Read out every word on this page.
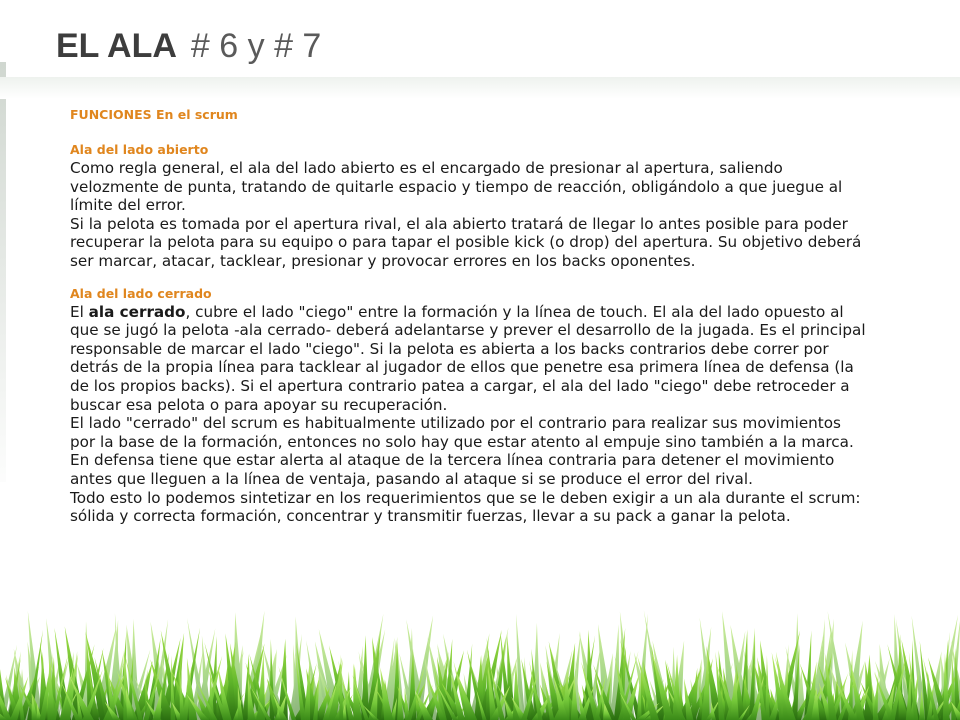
EL ALA # 6 y # 7

FUNCIONES En el scrum

Ala del lado abierto

Como regla general, el ala del lado abierto es el encargado de presionar al apertura, saliendo velozmente de punta, tratando de quitarle espacio y tiempo de reacción, obligándolo a que juegue al límite del error.

Si la pelota es tomada por el apertura rival, el ala abierto tratará de llegar lo antes posible para poder recuperar la pelota para su equipo o para tapar el posible kick (o drop) del apertura. Su objetivo deberá ser marcar, atacar, tacklear, presionar y provocar errores en los backs oponentes.

Ala del lado cerrado

El ala cerrado, cubre el lado "ciego" entre la formación y la línea de touch. El ala del lado opuesto al que se jugó la pelota -ala cerrado- deberá adelantarse y prever el desarrollo de la jugada. Es el principal responsable de marcar el lado "ciego". Si la pelota es abierta a los backs contrarios debe correr por detrás de la propia línea para tacklear al jugador de ellos que penetre esa primera línea de defensa (la de los propios backs). Si el apertura contrario patea a cargar, el ala del lado "ciego" debe retroceder a buscar esa pelota o para apoyar su recuperación.

El lado "cerrado" del scrum es habitualmente utilizado por el contrario para realizar sus movimientos por la base de la formación, entonces no solo hay que estar atento al empuje sino también a la marca. En defensa tiene que estar alerta al ataque de la tercera línea contraria para detener el movimiento antes que lleguen a la línea de ventaja, pasando al ataque si se produce el error del rival.

Todo esto lo podemos sintetizar en los requerimientos que se le deben exigir a un ala durante el scrum: sólida y correcta formación, concentrar y transmitir fuerzas, llevar a su pack a ganar la pelota.
